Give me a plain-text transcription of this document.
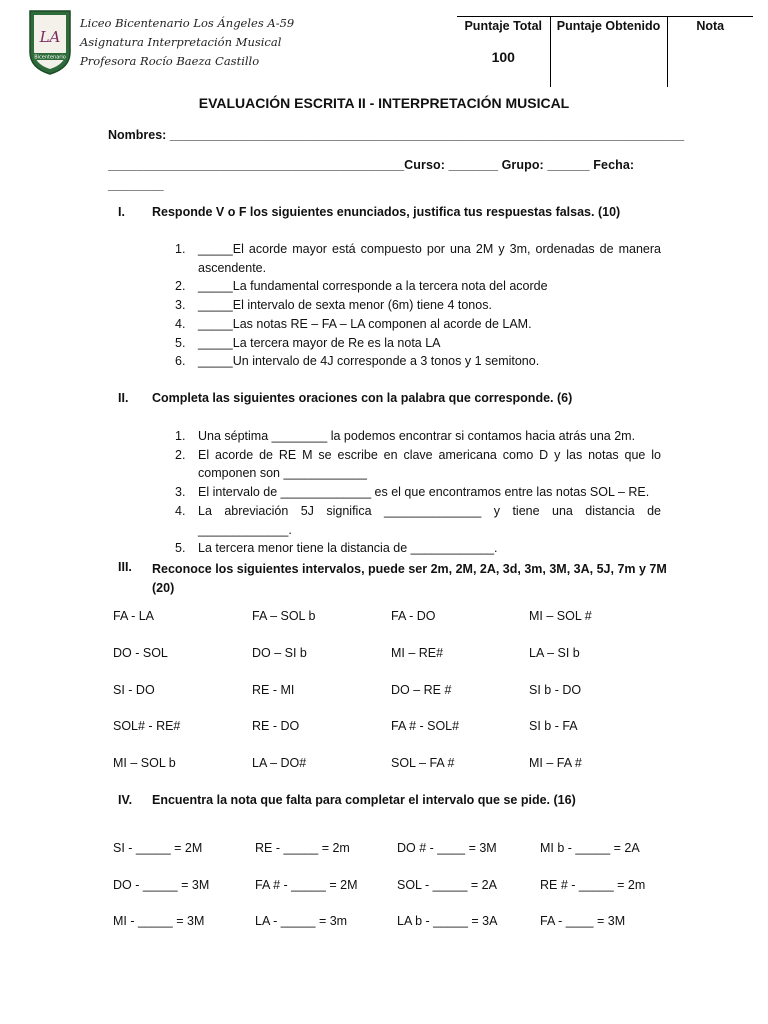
LA
Bicentenario
Liceo Bicentenario Los Ángeles A-59
Asignatura Interpretación Musical
Profesora Rocío Baeza Castillo
Puntaje Total	Puntaje Obtenido	Nota
100		
EVALUACIÓN ESCRITA II - INTERPRETACIÓN MUSICAL
Nombres: __________________________________________________________________________
__________________________________________Curso: _______ Grupo: ______ Fecha:
________
I. Responde V o F los siguientes enunciados, justifica tus respuestas falsas. (10)
1. _____El acorde mayor está compuesto por una 2M y 3m, ordenadas de manera ascendente.
2. _____La fundamental corresponde a la tercera nota del acorde
3. _____El intervalo de sexta menor (6m) tiene 4 tonos.
4. _____Las notas RE – FA – LA componen al acorde de LAM.
5. _____La tercera mayor de Re es la nota LA
6. _____Un intervalo de 4J corresponde a 3 tonos y 1 semitono.
II. Completa las siguientes oraciones con la palabra que corresponde. (6)
1. Una séptima ________ la podemos encontrar si contamos hacia atrás una 2m.
2. El acorde de RE M se escribe en clave americana como D y las notas que lo componen son ____________
3. El intervalo de _____________ es el que encontramos entre las notas SOL – RE.
4. La abreviación 5J significa ______________ y tiene una distancia de _____________.
5. La tercera menor tiene la distancia de ____________.
III. Reconoce los siguientes intervalos, puede ser 2m, 2M, 2A, 3d, 3m, 3M, 3A, 5J, 7m y 7M (20)
FA - LA	FA – SOL b	FA - DO	MI – SOL #
DO - SOL	DO – SI b	MI – RE#	LA – SI b
SI - DO	RE - MI	DO – RE #	SI b - DO
SOL# - RE#	RE - DO	FA # - SOL#	SI b - FA
MI – SOL b	LA – DO#	SOL – FA #	MI – FA #
IV. Encuentra la nota que falta para completar el intervalo que se pide. (16)
SI - _____ = 2M	RE - _____ = 2m	DO # - ____ = 3M	MI b - _____ = 2A
DO - _____ = 3M	FA # - _____ = 2M	SOL - _____ = 2A	RE # - _____ = 2m
MI - _____ = 3M	LA - _____ = 3m	LA b - _____ = 3A	FA - ____ = 3M
